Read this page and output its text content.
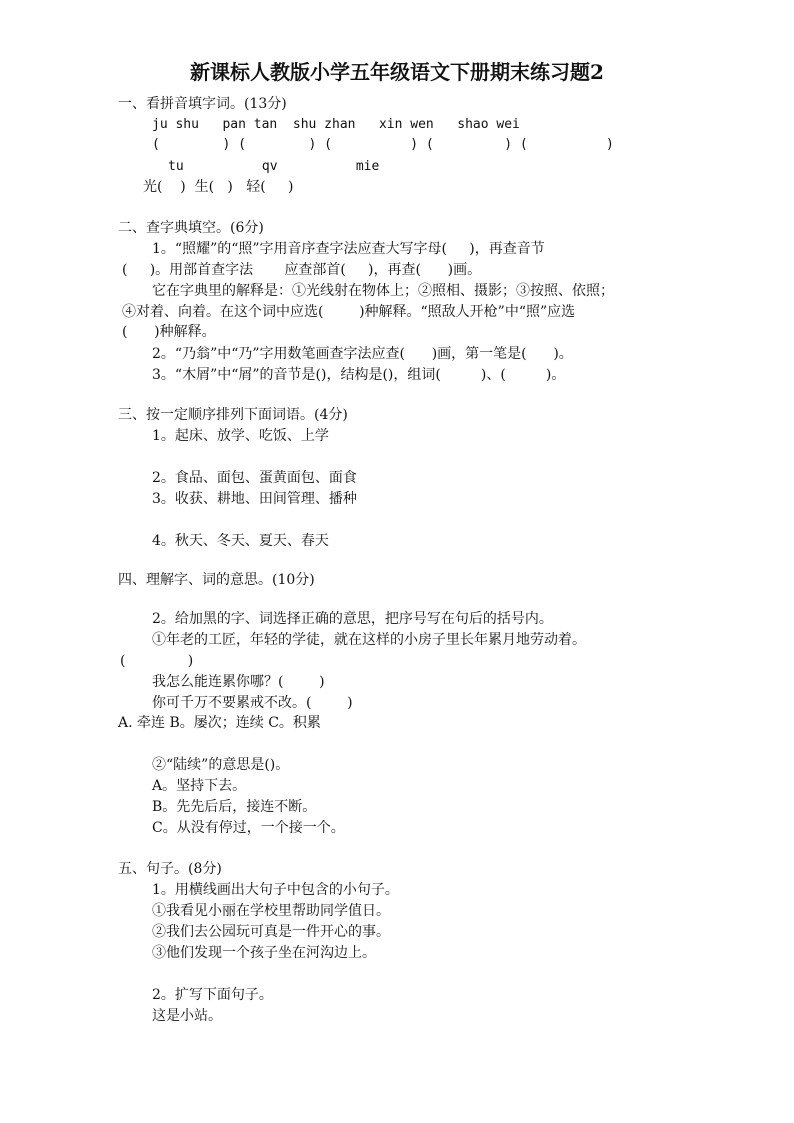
新课标人教版小学五年级语文下册期末练习题2
一、看拼音填字词。(13分)
ju shu   pan tan  shu zhan   xin wen   shao wei
(        ) (        ) (          ) (         ) (          )
tu          qv          mie
光(    )  生(   )   轻(     )
二、查字典填空。(6分)
1。“照耀”的“照”字用音序查字法应查大写字母(     )，再查音节
(     )。用部首查字法       应查部首(     )，再查(      )画。
它在字典里的解释是：①光线射在物体上；②照相、摄影；③按照、依照；
④对着、向着。在这个词中应选(        )种解释。“照敌人开枪”中“照”应选
(      )种解释。
2。“乃翁”中“乃”字用数笔画查字法应查(      )画，第一笔是(      )。
3。“木屑”中“屑”的音节是()，结构是()，组词(         )、(         )。
三、按一定顺序排列下面词语。(4分)
1。起床、放学、吃饭、上学
2。食品、面包、蛋黄面包、面食
3。收获、耕地、田间管理、播种
4。秋天、冬天、夏天、春天
四、理解字、词的意思。(10分)
2。给加黑的字、词选择正确的意思，把序号写在句后的括号内。
①年老的工匠，年轻的学徒，就在这样的小房子里长年累月地劳动着。
(              )
我怎么能连累你哪？(        )
你可千万不要累戒不改。(        )
A. 牵连 B。屡次；连续 C。积累
②“陆续”的意思是()。
A。坚持下去。
B。先先后后，接连不断。
C。从没有停过，一个接一个。
五、句子。(8分)
1。用横线画出大句子中包含的小句子。
①我看见小丽在学校里帮助同学值日。
②我们去公园玩可真是一件开心的事。
③他们发现一个孩子坐在河沟边上。
2。扩写下面句子。
这是小站。
